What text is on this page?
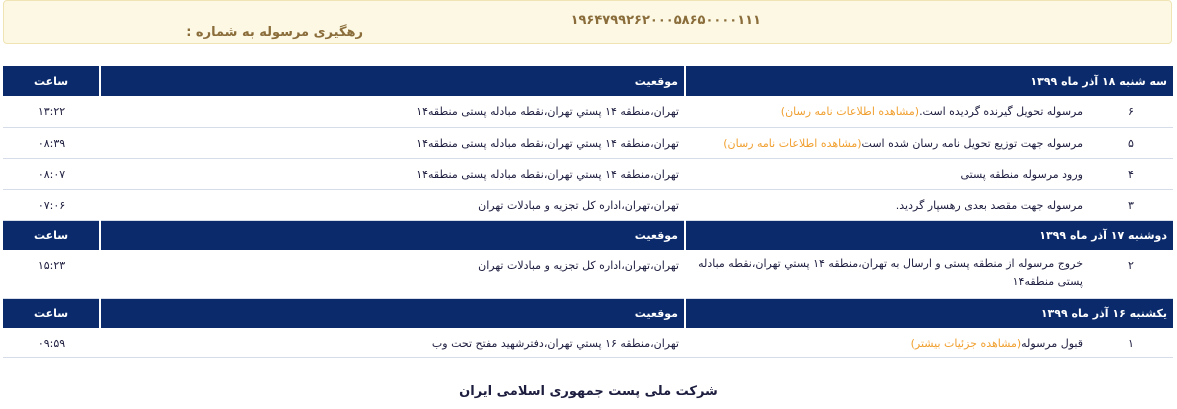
رهگیری مرسوله به شماره :
۱۹۶۴۷۹۹۲۶۲۰۰۰۵۸۶۵۰۰۰۰۱۱۱
سه شنبه ۱۸ آذر ماه ۱۳۹۹		موقعیت	ساعت
۶	مرسوله تحویل گیرنده گردیده است.(مشاهده اطلاعات نامه رسان)	تهران،منطقه ۱۴ پستي تهران،نقطه مبادله پستی منطقه۱۴	۱۳:۲۲
۵	مرسوله جهت توزیع تحویل نامه رسان شده است(مشاهده اطلاعات نامه رسان)	تهران،منطقه ۱۴ پستي تهران،نقطه مبادله پستی منطقه۱۴	۰۸:۳۹
۴	ورود مرسوله منطقه پستی	تهران،منطقه ۱۴ پستي تهران،نقطه مبادله پستی منطقه۱۴	۰۸:۰۷
۳	مرسوله جهت مقصد بعدی رهسپار گردید.	تهران،تهران،اداره کل تجزیه و مبادلات تهران	۰۷:۰۶
دوشنبه ۱۷ آذر ماه ۱۳۹۹		موقعیت	ساعت
۲	خروج مرسوله از منطقه پستی و ارسال به تهران،منطقه ۱۴ پستي تهران،نقطه مبادله پستی منطقه۱۴	تهران،تهران،اداره کل تجزیه و مبادلات تهران	۱۵:۲۳
یکشنبه ۱۶ آذر ماه ۱۳۹۹		موقعیت	ساعت
۱	قبول مرسوله(مشاهده جزئیات بیشتر)	تهران،منطقه ۱۶ پستي تهران،دفترشهید مفتح تحت وب	۰۹:۵۹
شرکت ملی پست جمهوری اسلامی ایران
